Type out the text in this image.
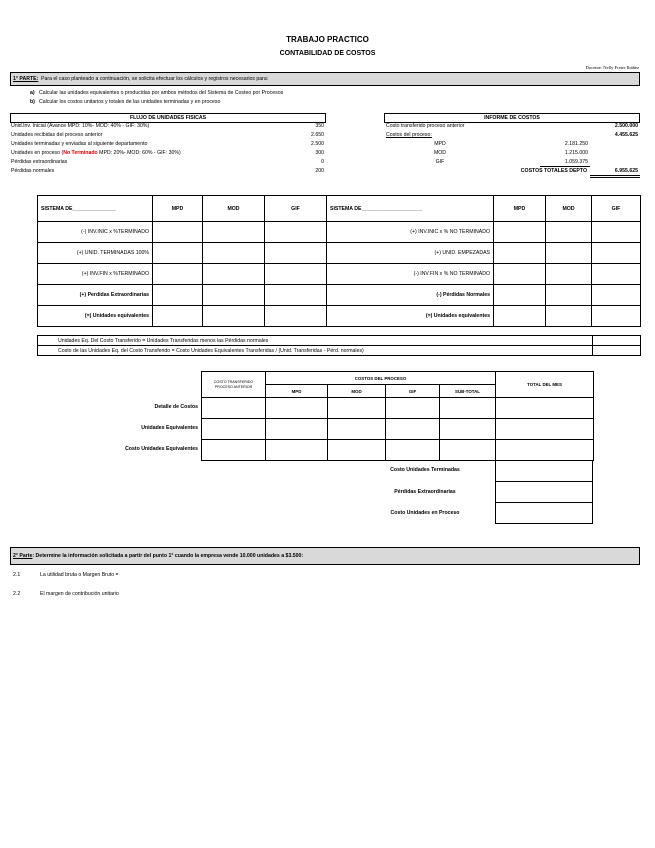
TRABAJO PRACTICO
CONTABILIDAD DE COSTOS
Docente: Nelly Freire Ibáñez
1° PARTE: Para el caso planteado a continuación, se solicita efectuar los cálculos y registros necesarios para:
a) Calcular las unidades equivalentes o producidas por ambos métodos del Sistema de Costeo por Procesos
b) Calcular los costos unitarios y totales de las unidades terminadas y en proceso
FLUJO DE UNIDADES FISICAS
Unid.Inv. Inicial (Avance MPD: 10%- MOD: 40% - GIF: 30%)	350
Unidades recibidas del proceso anterior	2.650
Unidades terminadas y enviadas al siguiente departamento	2.500
Unidades en proceso (No Terminado MPD: 20%- MOD: 60% - GIF: 30%)	300
Pérdidas extraordinarias	0
Pérdidas normales	200
INFORME DE COSTOS
Costo transferido proceso anterior	2.500.000
Costos del proceso:	4.455.625
MPD	2.181.250
MOD	1.215.000
GIF	1.059.375
COSTOS TOTALES DEPTO	6.955.625
SISTEMA DE_______________	MPD	MOD	GIF	SISTEMA DE_____________________	MPD	MOD	GIF
(-) INV.INIC x %TERMINADO				(+) INV.INIC x % NO TERMINADO			
(+) UNID. TERMINADAS 100%				(+) UNID. EMPEZADAS			
(+) INV.FIN x %TERMINADO				(-) INV.FIN x % NO TERMINADO			
(+) Perdidas Extraordinarias				(-) Pérdidas Normales			
(=) Unidades equivalentes				(=) Unidades equivalentes			
Unidades Eq. Del Costo Transferido = Unidades Transferidas menos las Pérdidas normales	
Costo de las Unidades Eq. del Costo Transferido = Costo Unidades Equivalentes Transferidas / (Unid. Transferidas - Pérd. normales)	
COSTO TRANSFERIDO PROCESO ANTERIOR	COSTOS DEL PROCESO				TOTAL DEL MES
	MPD	MOD	GIF	SUB-TOTAL	

Detalle de Costos
Unidades Equivalentes
Costo Unidades Equivalentes
Costo Unidades Terminadas
Pérdidas Extraordinarias
Costo Unidades en Proceso

2° Parte: Determine la información solicitada a partir del punto 1° cuando la empresa vende 10.000 unidades a $3.500:
2.1	La utilidad bruta o Margen Bruto =
2.2	El margen de contribución unitario
